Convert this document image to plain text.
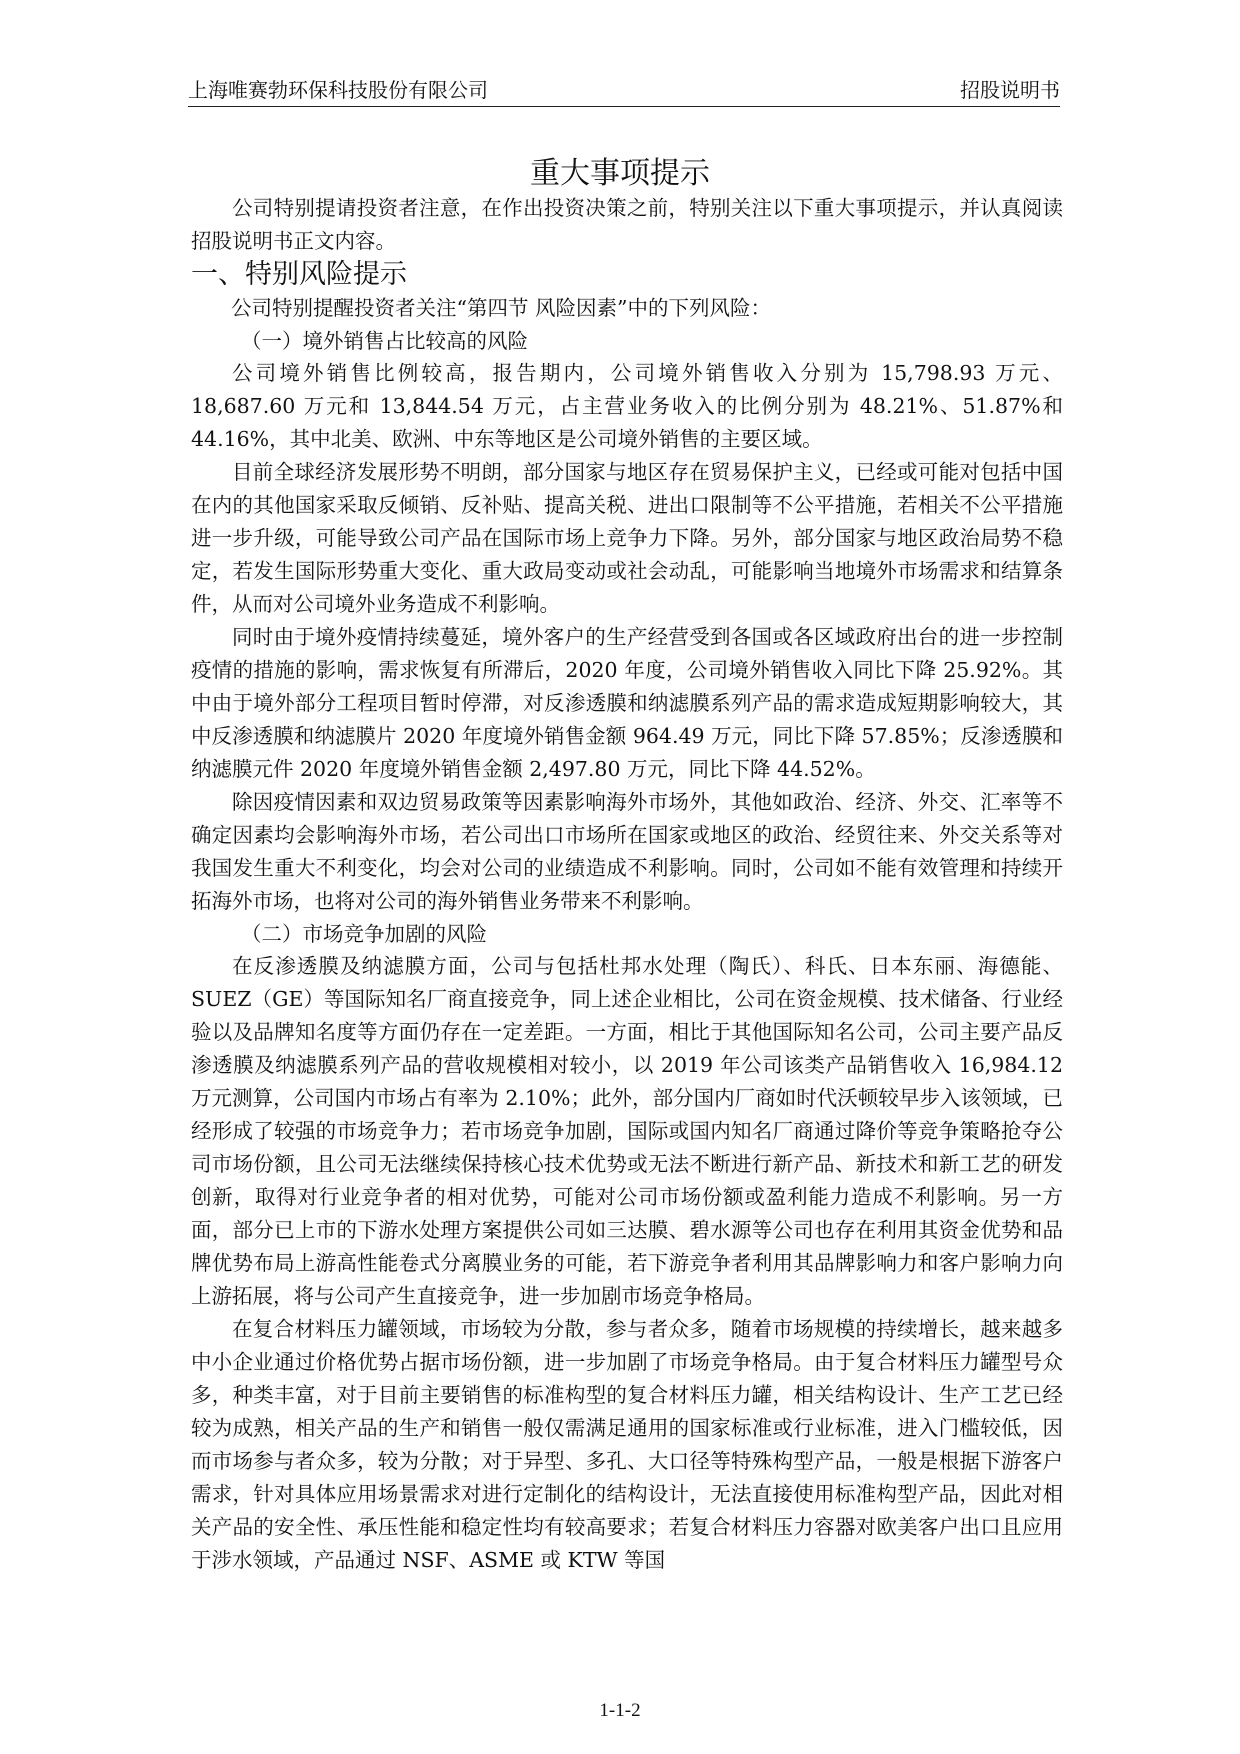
上海唯赛勃环保科技股份有限公司	招股说明书
重大事项提示

公司特别提请投资者注意，在作出投资决策之前，特别关注以下重大事项提示，并认真阅读招股说明书正文内容。

一、特别风险提示

公司特别提醒投资者关注“第四节 风险因素”中的下列风险：

（一）境外销售占比较高的风险

公司境外销售比例较高，报告期内，公司境外销售收入分别为 15,798.93 万元、18,687.60 万元和 13,844.54 万元，占主营业务收入的比例分别为 48.21%、51.87%和 44.16%，其中北美、欧洲、中东等地区是公司境外销售的主要区域。

目前全球经济发展形势不明朗，部分国家与地区存在贸易保护主义，已经或可能对包括中国在内的其他国家采取反倾销、反补贴、提高关税、进出口限制等不公平措施，若相关不公平措施进一步升级，可能导致公司产品在国际市场上竞争力下降。另外，部分国家与地区政治局势不稳定，若发生国际形势重大变化、重大政局变动或社会动乱，可能影响当地境外市场需求和结算条件，从而对公司境外业务造成不利影响。

同时由于境外疫情持续蔓延，境外客户的生产经营受到各国或各区域政府出台的进一步控制疫情的措施的影响，需求恢复有所滞后，2020 年度，公司境外销售收入同比下降 25.92%。其中由于境外部分工程项目暂时停滞，对反渗透膜和纳滤膜系列产品的需求造成短期影响较大，其中反渗透膜和纳滤膜片 2020 年度境外销售金额 964.49 万元，同比下降 57.85%；反渗透膜和纳滤膜元件 2020 年度境外销售金额 2,497.80 万元，同比下降 44.52%。

除因疫情因素和双边贸易政策等因素影响海外市场外，其他如政治、经济、外交、汇率等不确定因素均会影响海外市场，若公司出口市场所在国家或地区的政治、经贸往来、外交关系等对我国发生重大不利变化，均会对公司的业绩造成不利影响。同时，公司如不能有效管理和持续开拓海外市场，也将对公司的海外销售业务带来不利影响。

（二）市场竞争加剧的风险

在反渗透膜及纳滤膜方面，公司与包括杜邦水处理（陶氏）、科氏、日本东丽、海德能、SUEZ（GE）等国际知名厂商直接竞争，同上述企业相比，公司在资金规模、技术储备、行业经验以及品牌知名度等方面仍存在一定差距。一方面，相比于其他国际知名公司，公司主要产品反渗透膜及纳滤膜系列产品的营收规模相对较小，以 2019 年公司该类产品销售收入 16,984.12 万元测算，公司国内市场占有率为 2.10%；此外，部分国内厂商如时代沃顿较早步入该领域，已经形成了较强的市场竞争力；若市场竞争加剧，国际或国内知名厂商通过降价等竞争策略抢夺公司市场份额，且公司无法继续保持核心技术优势或无法不断进行新产品、新技术和新工艺的研发创新，取得对行业竞争者的相对优势，可能对公司市场份额或盈利能力造成不利影响。另一方面，部分已上市的下游水处理方案提供公司如三达膜、碧水源等公司也存在利用其资金优势和品牌优势布局上游高性能卷式分离膜业务的可能，若下游竞争者利用其品牌影响力和客户影响力向上游拓展，将与公司产生直接竞争，进一步加剧市场竞争格局。

在复合材料压力罐领域，市场较为分散，参与者众多，随着市场规模的持续增长，越来越多中小企业通过价格优势占据市场份额，进一步加剧了市场竞争格局。由于复合材料压力罐型号众多，种类丰富，对于目前主要销售的标准构型的复合材料压力罐，相关结构设计、生产工艺已经较为成熟，相关产品的生产和销售一般仅需满足通用的国家标准或行业标准，进入门槛较低，因而市场参与者众多，较为分散；对于异型、多孔、大口径等特殊构型产品，一般是根据下游客户需求，针对具体应用场景需求对进行定制化的结构设计，无法直接使用标准构型产品，因此对相关产品的安全性、承压性能和稳定性均有较高要求；若复合材料压力容器对欧美客户出口且应用于涉水领域，产品通过 NSF、ASME 或 KTW 等国

1-1-2
